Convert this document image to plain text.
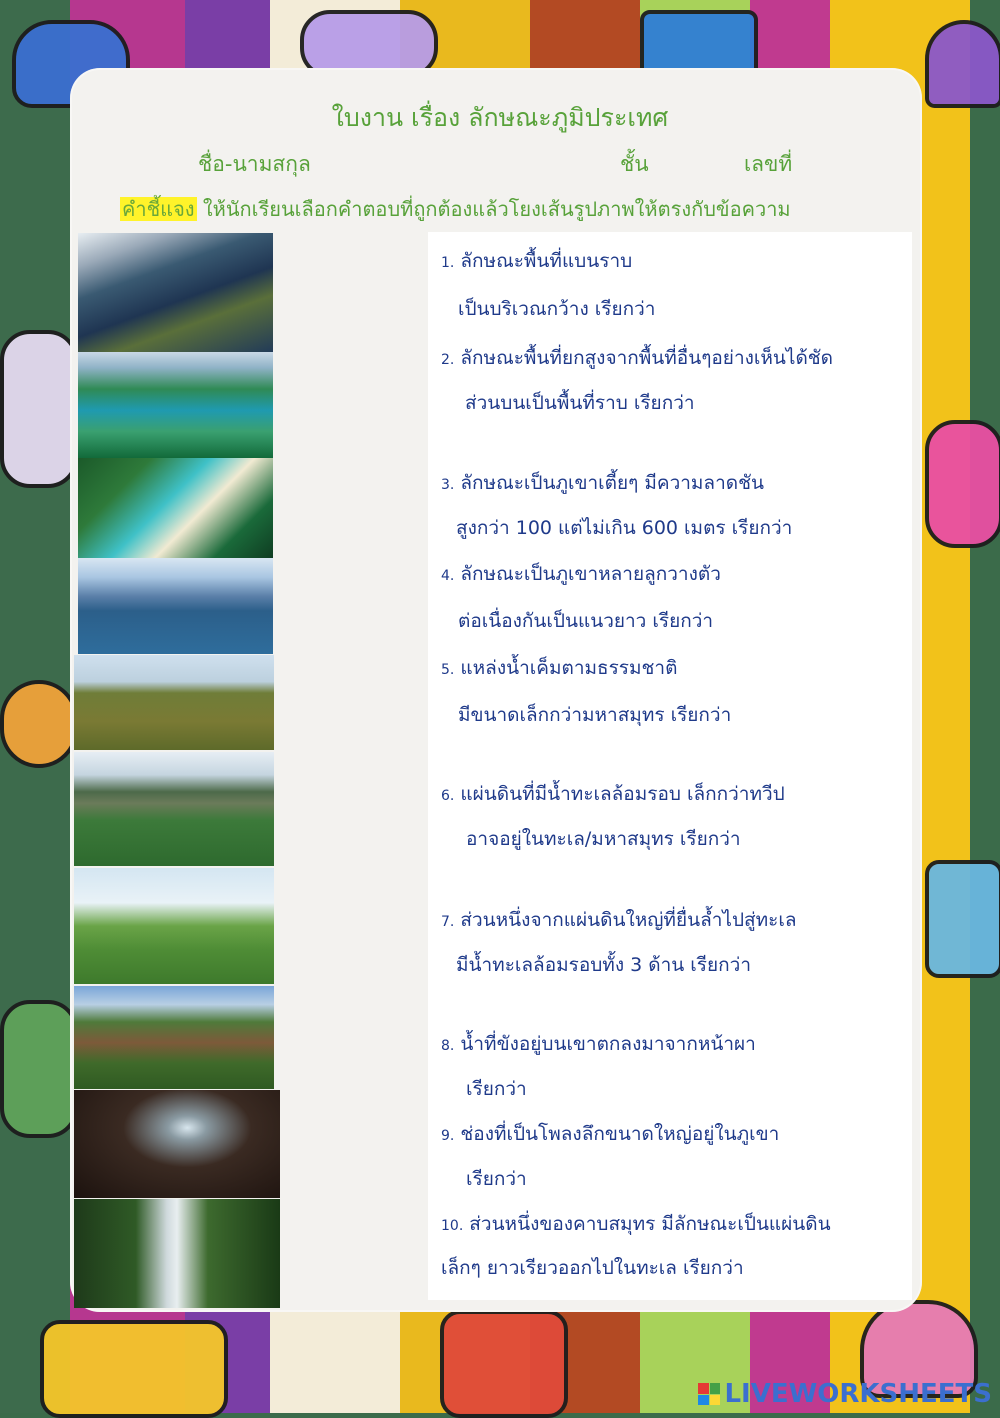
ใบงาน เรื่อง ลักษณะภูมิประเทศ
ชื่อ-นามสกุล	ชั้น	เลขที่
คำชี้แจง ให้นักเรียนเลือกคำตอบที่ถูกต้องแล้วโยงเส้นรูปภาพให้ตรงกับข้อความ
1. ลักษณะพื้นที่แบนราบ
เป็นบริเวณกว้าง เรียกว่า
2. ลักษณะพื้นที่ยกสูงจากพื้นที่อื่นๆอย่างเห็นได้ชัด
ส่วนบนเป็นพื้นที่ราบ เรียกว่า
3. ลักษณะเป็นภูเขาเตี้ยๆ มีความลาดชัน
สูงกว่า 100 แต่ไม่เกิน 600 เมตร เรียกว่า
4. ลักษณะเป็นภูเขาหลายลูกวางตัว
ต่อเนื่องกันเป็นแนวยาว เรียกว่า
5. แหล่งน้ำเค็มตามธรรมชาติ
มีขนาดเล็กกว่ามหาสมุทร เรียกว่า
6. แผ่นดินที่มีน้ำทะเลล้อมรอบ เล็กกว่าทวีป
อาจอยู่ในทะเล/มหาสมุทร เรียกว่า
7. ส่วนหนึ่งจากแผ่นดินใหญ่ที่ยื่นล้ำไปสู่ทะเล
มีน้ำทะเลล้อมรอบทั้ง 3 ด้าน เรียกว่า
8. น้ำที่ขังอยู่บนเขาตกลงมาจากหน้าผา
เรียกว่า
9. ช่องที่เป็นโพลงลึกขนาดใหญ่อยู่ในภูเขา
เรียกว่า
10. ส่วนหนึ่งของคาบสมุทร มีลักษณะเป็นแผ่นดิน
เล็กๆ ยาวเรียวออกไปในทะเล เรียกว่า
LIVEWORKSHEETS
